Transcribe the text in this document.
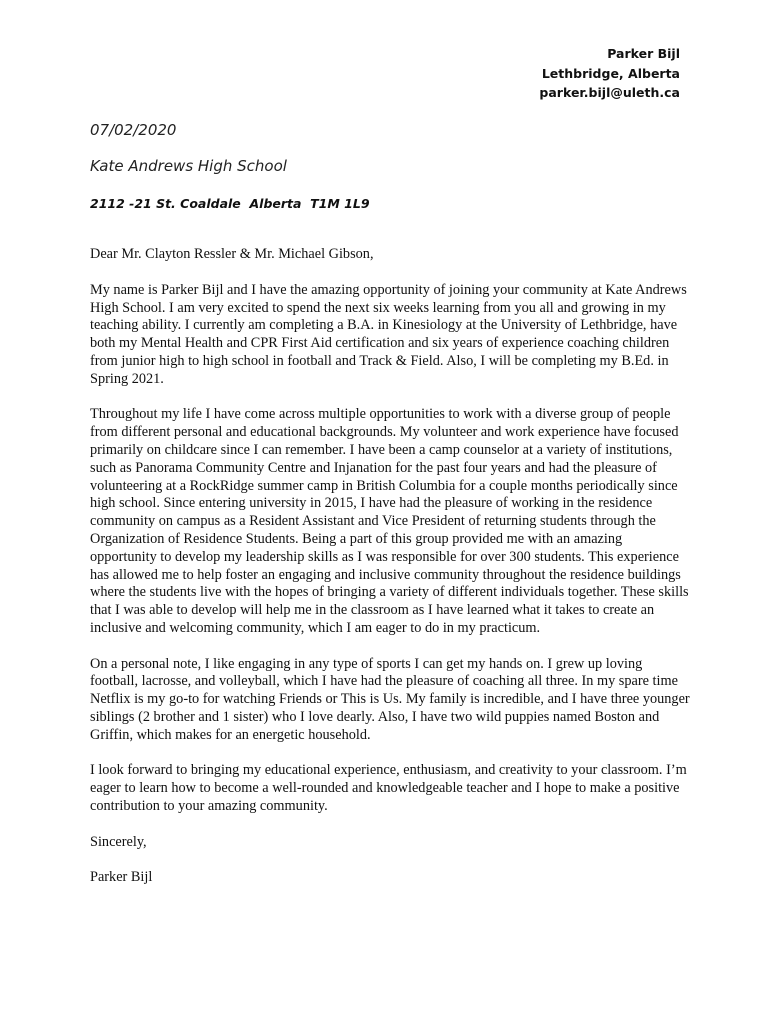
Parker Bijl
Lethbridge, Alberta
parker.bijl@uleth.ca
07/02/2020
Kate Andrews High School
2112 -21 St. Coaldale  Alberta  T1M 1L9

Dear Mr. Clayton Ressler & Mr. Michael Gibson,

My name is Parker Bijl and I have the amazing opportunity of joining your community at Kate Andrews High School. I am very excited to spend the next six weeks learning from you all and growing in my teaching ability. I currently am completing a B.A. in Kinesiology at the University of Lethbridge, have both my Mental Health and CPR First Aid certification and six years of experience coaching children from junior high to high school in football and Track & Field. Also, I will be completing my B.Ed. in Spring 2021.

Throughout my life I have come across multiple opportunities to work with a diverse group of people from different personal and educational backgrounds. My volunteer and work experience have focused primarily on childcare since I can remember. I have been a camp counselor at a variety of institutions, such as Panorama Community Centre and Injanation for the past four years and had the pleasure of volunteering at a RockRidge summer camp in British Columbia for a couple months periodically since high school. Since entering university in 2015, I have had the pleasure of working in the residence community on campus as a Resident Assistant and Vice President of returning students through the Organization of Residence Students. Being a part of this group provided me with an amazing opportunity to develop my leadership skills as I was responsible for over 300 students. This experience has allowed me to help foster an engaging and inclusive community throughout the residence buildings where the students live with the hopes of bringing a variety of different individuals together. These skills that I was able to develop will help me in the classroom as I have learned what it takes to create an inclusive and welcoming community, which I am eager to do in my practicum.

On a personal note, I like engaging in any type of sports I can get my hands on. I grew up loving football, lacrosse, and volleyball, which I have had the pleasure of coaching all three. In my spare time Netflix is my go-to for watching Friends or This is Us. My family is incredible, and I have three younger siblings (2 brother and 1 sister) who I love dearly. Also, I have two wild puppies named Boston and Griffin, which makes for an energetic household.

I look forward to bringing my educational experience, enthusiasm, and creativity to your classroom. I’m eager to learn how to become a well-rounded and knowledgeable teacher and I hope to make a positive contribution to your amazing community.

Sincerely,

Parker Bijl
